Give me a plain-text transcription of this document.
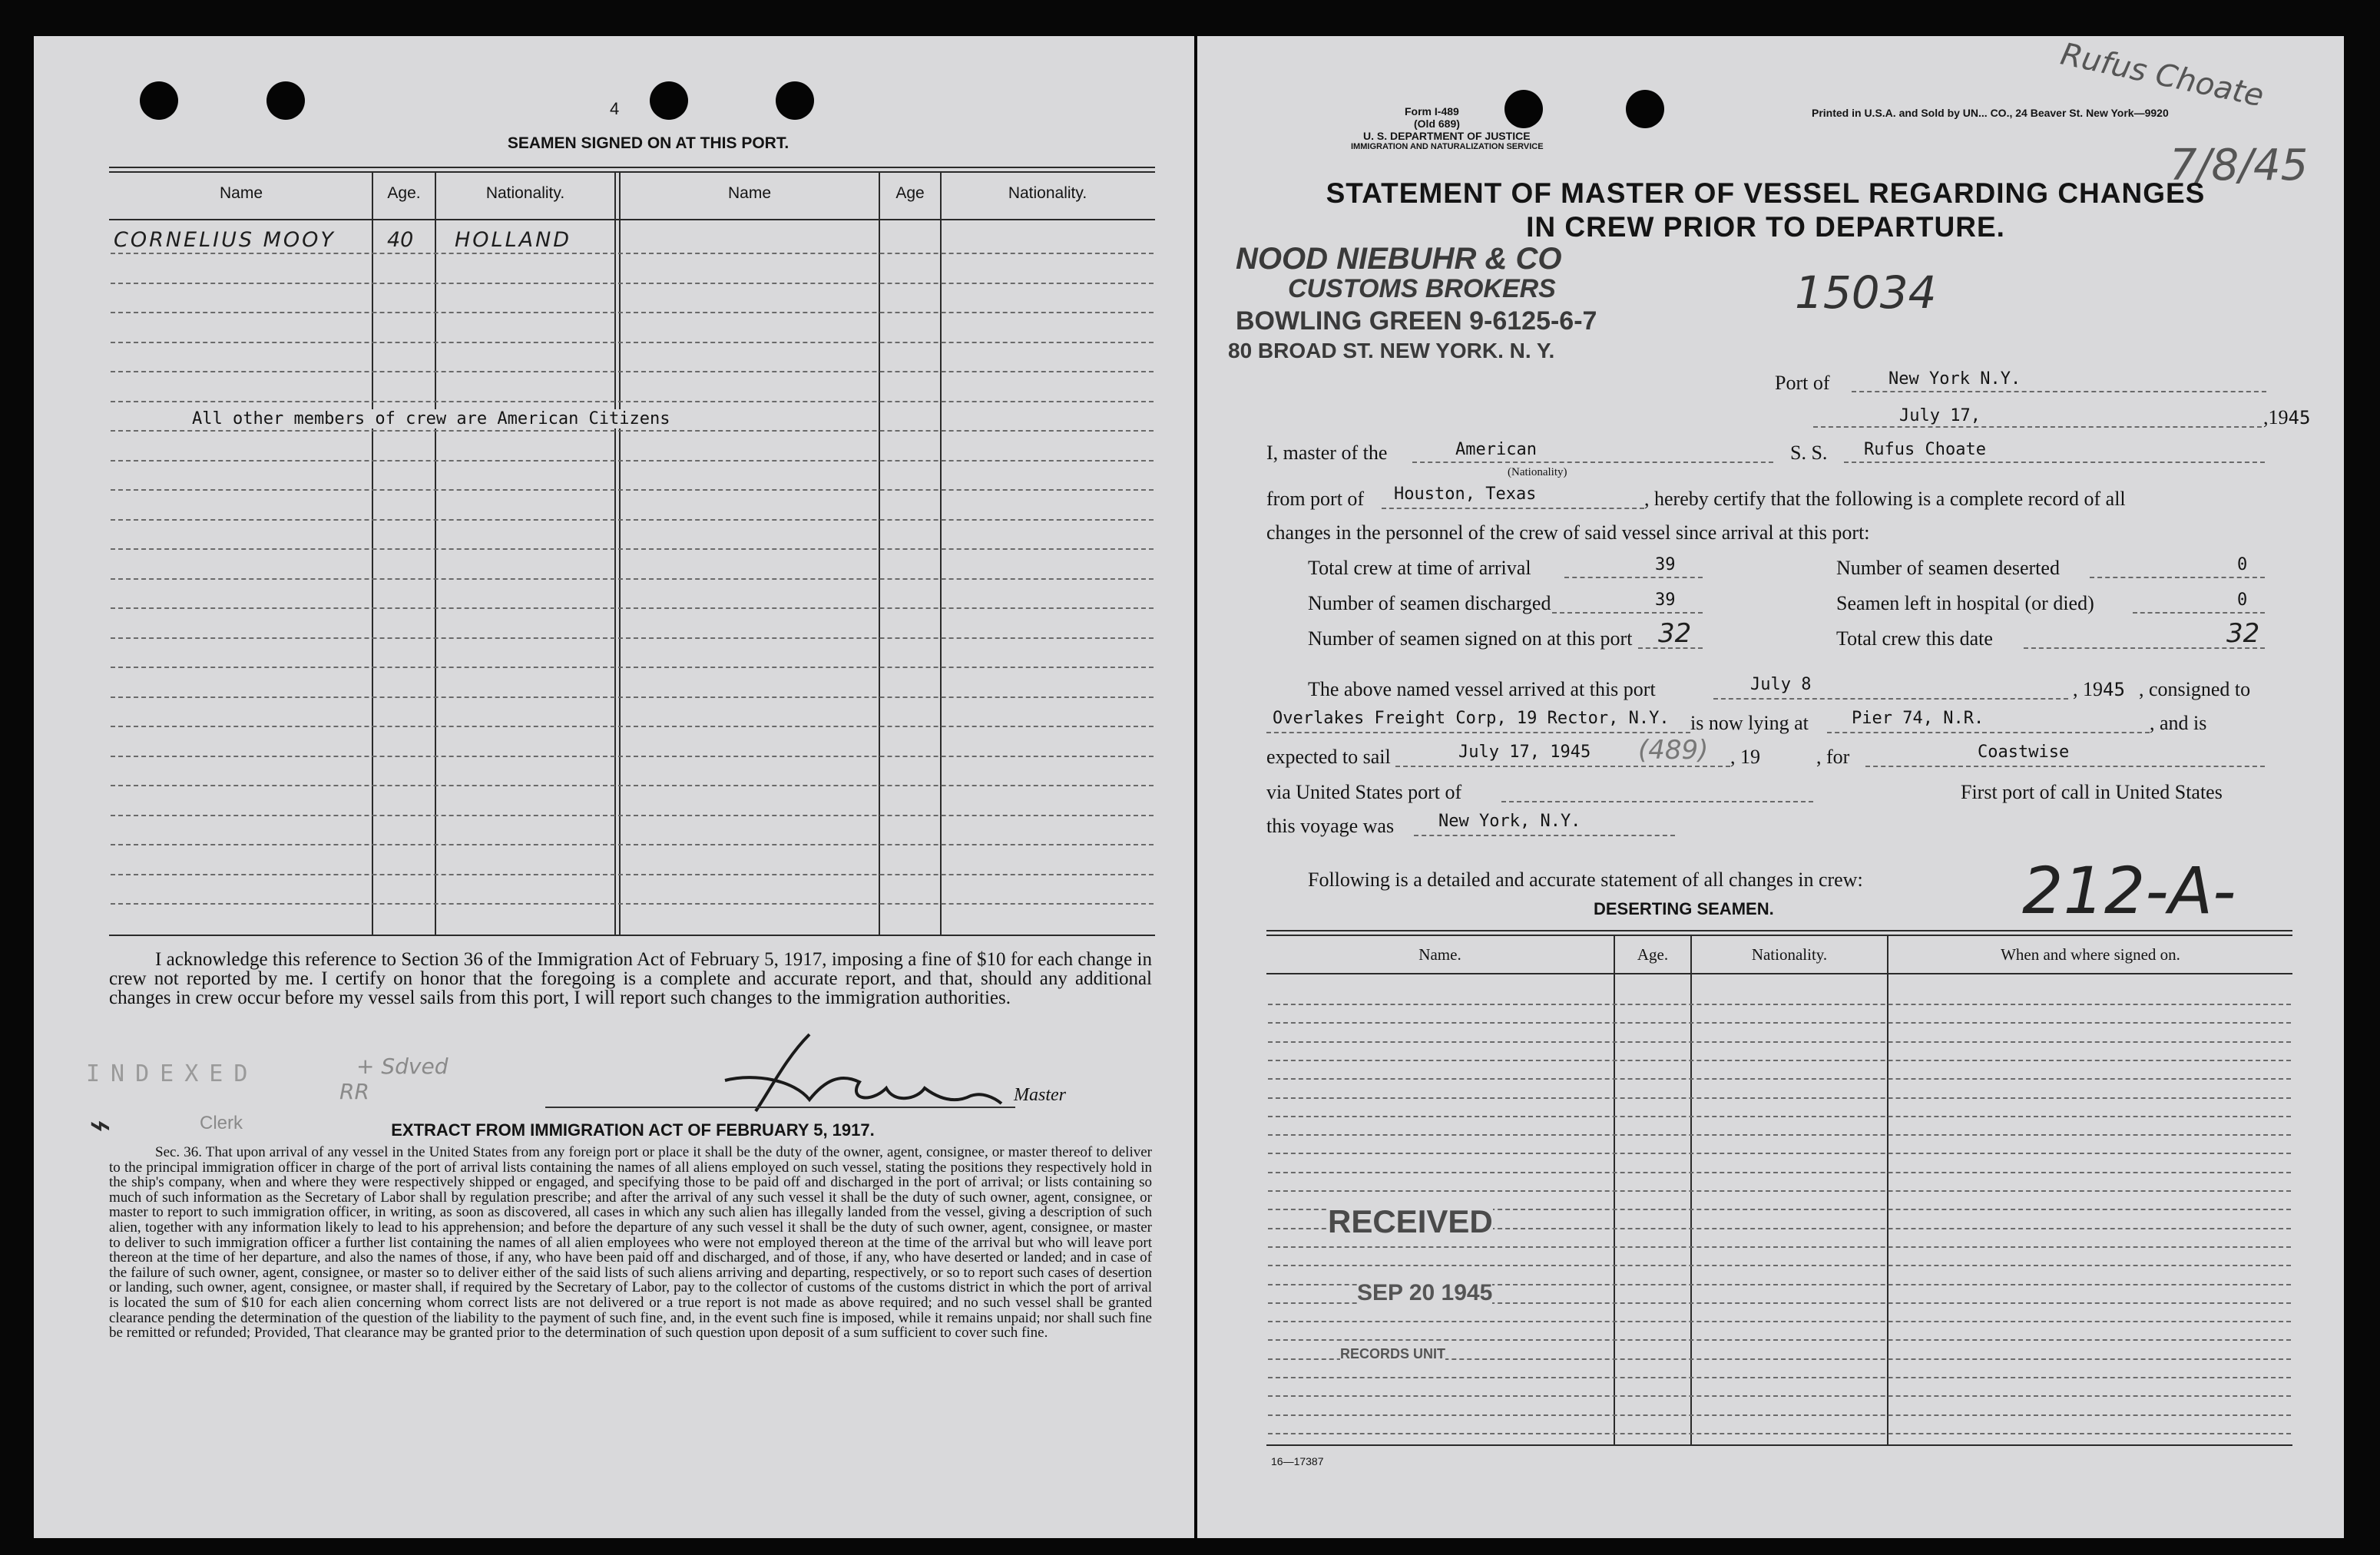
4
SEAMEN SIGNED ON AT THIS PORT.
Name	Age.	Nationality.	Name	Age	Nationality.
CORNELIUS MOOY 40 HOLLAND
All other members of crew are American Citizens
I acknowledge this reference to Section 36 of the Immigration Act of February 5, 1917, imposing a fine of $10 for each change in crew not reported by me. I certify on honor that the foregoing is a complete and accurate report, and that, should any additional changes in crew occur before my vessel sails from this port, I will report such changes to the immigration authorities.
INDEXED	+ Sdved
RR
⌁	Clerk
Master
EXTRACT FROM IMMIGRATION ACT OF FEBRUARY 5, 1917.
Sec. 36. That upon arrival of any vessel in the United States from any foreign port or place it shall be the duty of the owner, agent, consignee, or master thereof to deliver to the principal immigration officer in charge of the port of arrival lists containing the names of all aliens employed on such vessel, stating the positions they respectively hold in the ship's company, when and where they were respectively shipped or engaged, and specifying those to be paid off and discharged in the port of arrival; or lists containing so much of such information as the Secretary of Labor shall by regulation prescribe; and after the arrival of any such vessel it shall be the duty of such owner, agent, consignee, or master to report to such immigration officer, in writing, as soon as discovered, all cases in which any such alien has illegally landed from the vessel, giving a description of such alien, together with any information likely to lead to his apprehension; and before the departure of any such vessel it shall be the duty of such owner, agent, consignee, or master to deliver to such immigration officer a further list containing the names of all alien employees who were not employed thereon at the time of the arrival but who will leave port thereon at the time of her departure, and also the names of those, if any, who have been paid off and discharged, and of those, if any, who have deserted or landed; and in case of the failure of such owner, agent, consignee, or master so to deliver either of the said lists of such aliens arriving and departing, respectively, or so to report such cases of desertion or landing, such owner, agent, consignee, or master shall, if required by the Secretary of Labor, pay to the collector of customs of the customs district in which the port of arrival is located the sum of $10 for each alien concerning whom correct lists are not delivered or a true report is not made as above required; and no such vessel shall be granted clearance pending the determination of the question of the liability to the payment of such fine, and, in the event such fine is imposed, while it remains unpaid; nor shall such fine be remitted or refunded; Provided, That clearance may be granted prior to the determination of such question upon deposit of a sum sufficient to cover such fine.
Form I-489
(Old 689)
U. S. DEPARTMENT OF JUSTICE
IMMIGRATION AND NATURALIZATION SERVICE
Printed in U.S.A. and Sold by UN... CO., 24 Beaver St. New York—9920
Rufus Choate
7/8/45
STATEMENT OF MASTER OF VESSEL REGARDING CHANGES
IN CREW PRIOR TO DEPARTURE.
NOOD NIEBUHR & CO
CUSTOMS BROKERS
BOWLING GREEN 9-6125-6-7
80 BROAD ST. NEW YORK. N. Y.
15034
Port of	New York N.Y.
July 17,	,1945
I, master of the	American
(Nationality)
S. S. Rufus Choate
from port of Houston, Texas	, hereby certify that the following is a complete record of all
changes in the personnel of the crew of said vessel since arrival at this port:
Total crew at time of arrival	39
Number of seamen discharged	39
Number of seamen signed on at this port 32
Number of seamen deserted	0
Seamen left in hospital (or died)	0
Total crew this date	32
The above named vessel arrived at this port	July 8	, 1945 , consigned to
Overlakes Freight Corp, 19 Rector, N.Y. is now lying at	Pier 74, N.R.	, and is
expected to sail	July 17, 1945 (489) , 19	, for	Coastwise
via United States port of	First port of call in United States
this voyage was	New York, N.Y.
Following is a detailed and accurate statement of all changes in crew:
DESERTING SEAMEN.	212-A-
Name.	Age.	Nationality.	When and where signed on.
RECEIVED
SEP 20 1945
RECORDS UNIT
16—17387
